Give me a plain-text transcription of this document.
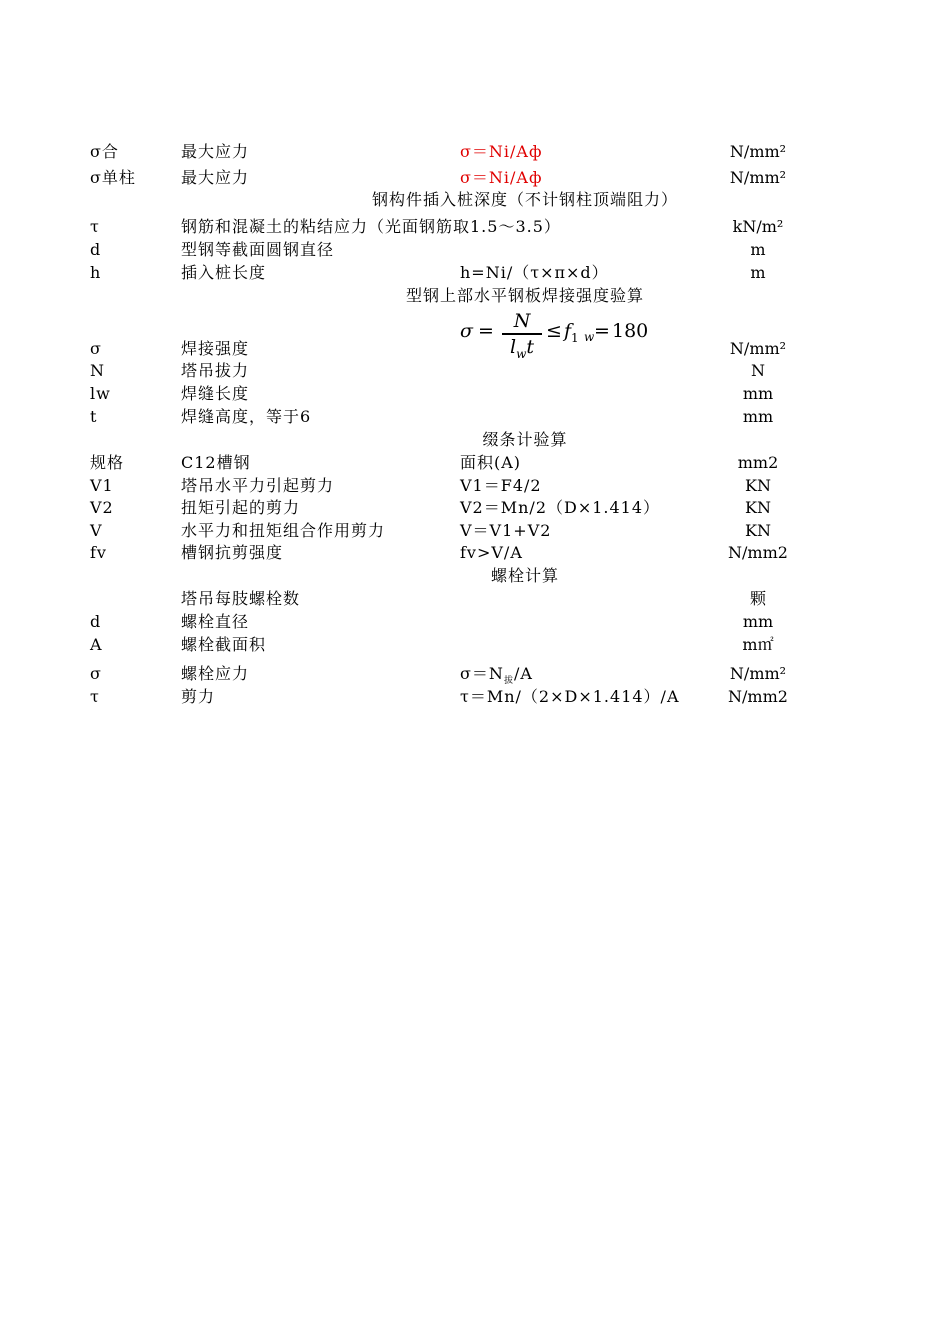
σ合	最大应力	σ＝Ni/Aф	N/mm²
σ单柱	最大应力	σ＝Ni/Aф	N/mm²
钢构件插入桩深度（不计钢柱顶端阻力）
τ	钢筋和混凝土的粘结应力（光面钢筋取1.5～3.5）	kN/m²
d	型钢等截面圆钢直径	m
h	插入桩长度	h=Ni/（τ×π×d）	m
型钢上部水平钢板焊接强度验算
σ =	N
$l_wt$
≤ $f_1$ w = 180
σ	焊接强度	N/mm²
N	塔吊拔力	N
lw	焊缝长度	mm
t	焊缝高度，等于6	mm
缀条计验算
规格	C12槽钢	面积(A)	mm2
V1	塔吊水平力引起剪力	V1＝F4/2	KN
V2	扭矩引起的剪力	V2＝Mn/2（D×1.414）	KN
V	水平力和扭矩组合作用剪力	V＝V1+V2	KN
fv	槽钢抗剪强度	fv>V/A	N/mm2
螺栓计算
塔吊每肢螺栓数	颗
d	螺栓直径	mm
A	螺栓截面积	m㎡
σ	螺栓应力	$\sigma=N_拔/A$	N/mm²
τ	剪力	τ＝Mn/（2×D×1.414）/A	N/mm2
